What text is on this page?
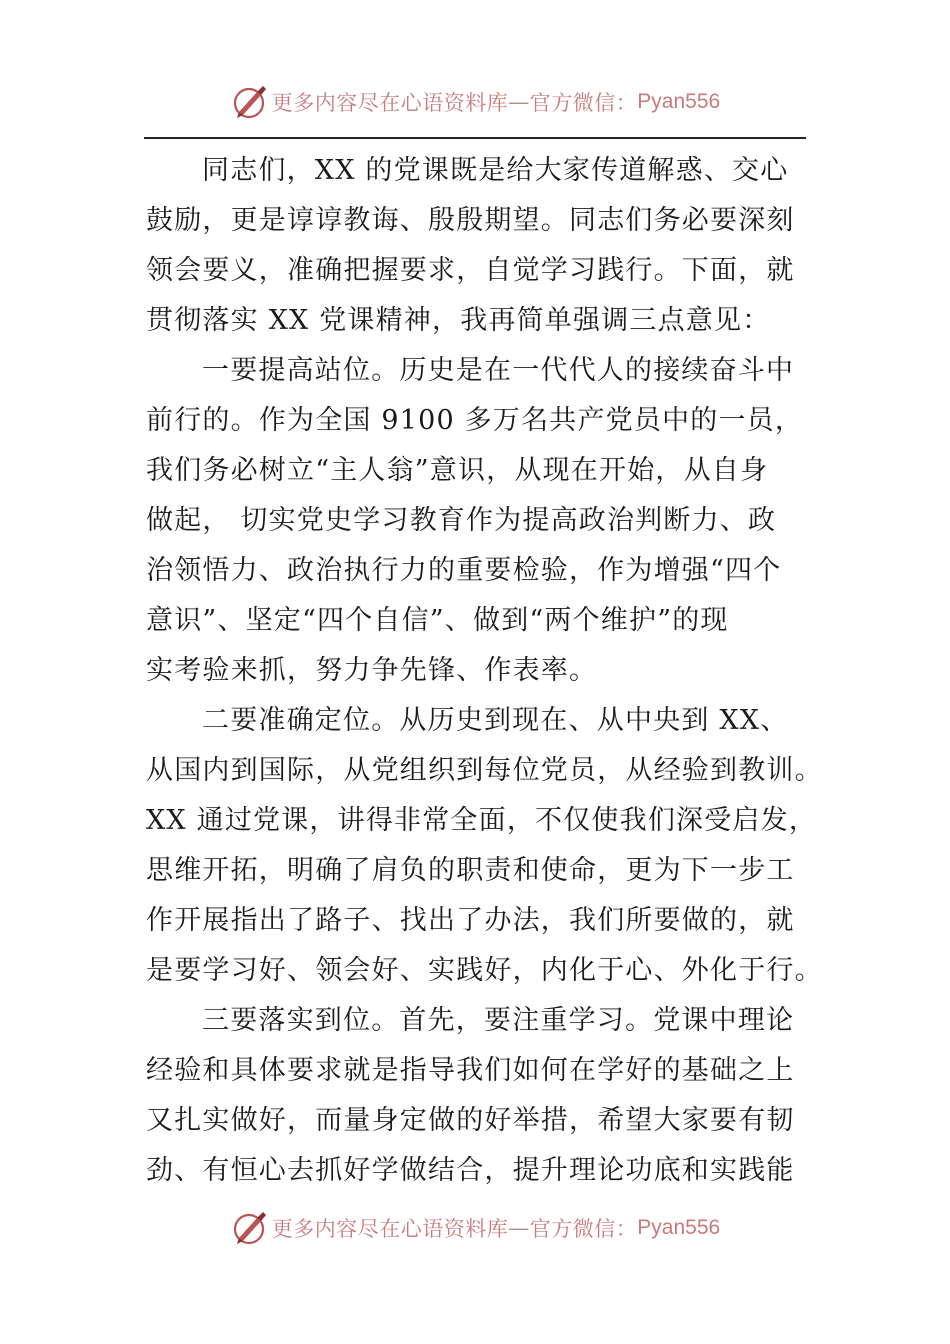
更多内容尽在心语资料库 — 官方微信： Pyan556

同志们，XX 的党课既是给大家传道解惑、交心

鼓励，更是谆谆教诲、殷殷期望。同志们务必要深刻

领会要义，准确把握要求，自觉学习践行。下面，就

贯彻落实 XX 党课精神，我再简单强调三点意见：

一要提高站位。历史是在一代代人的接续奋斗中

前行的。作为全国 9100 多万名共产党员中的一员，

我们务必树立“主人翁”意识，从现在开始，从自身

做起， 切实党史学习教育作为提高政治判断力、政

治领悟力、政治执行力的重要检验，作为增强“四个

意识”、坚定“四个自信”、做到“两个维护”的现

实考验来抓，努力争先锋、作表率。

二要准确定位。从历史到现在、从中央到 XX、

从国内到国际，从党组织到每位党员，从经验到教训。

XX 通过党课，讲得非常全面，不仅使我们深受启发，

思维开拓，明确了肩负的职责和使命，更为下一步工

作开展指出了路子、找出了办法，我们所要做的，就

是要学习好、领会好、实践好，内化于心、外化于行。

三要落实到位。首先，要注重学习。党课中理论

经验和具体要求就是指导我们如何在学好的基础之上

又扎实做好，而量身定做的好举措，希望大家要有韧

劲、有恒心去抓好学做结合，提升理论功底和实践能

更多内容尽在心语资料库 — 官方微信： Pyan556
